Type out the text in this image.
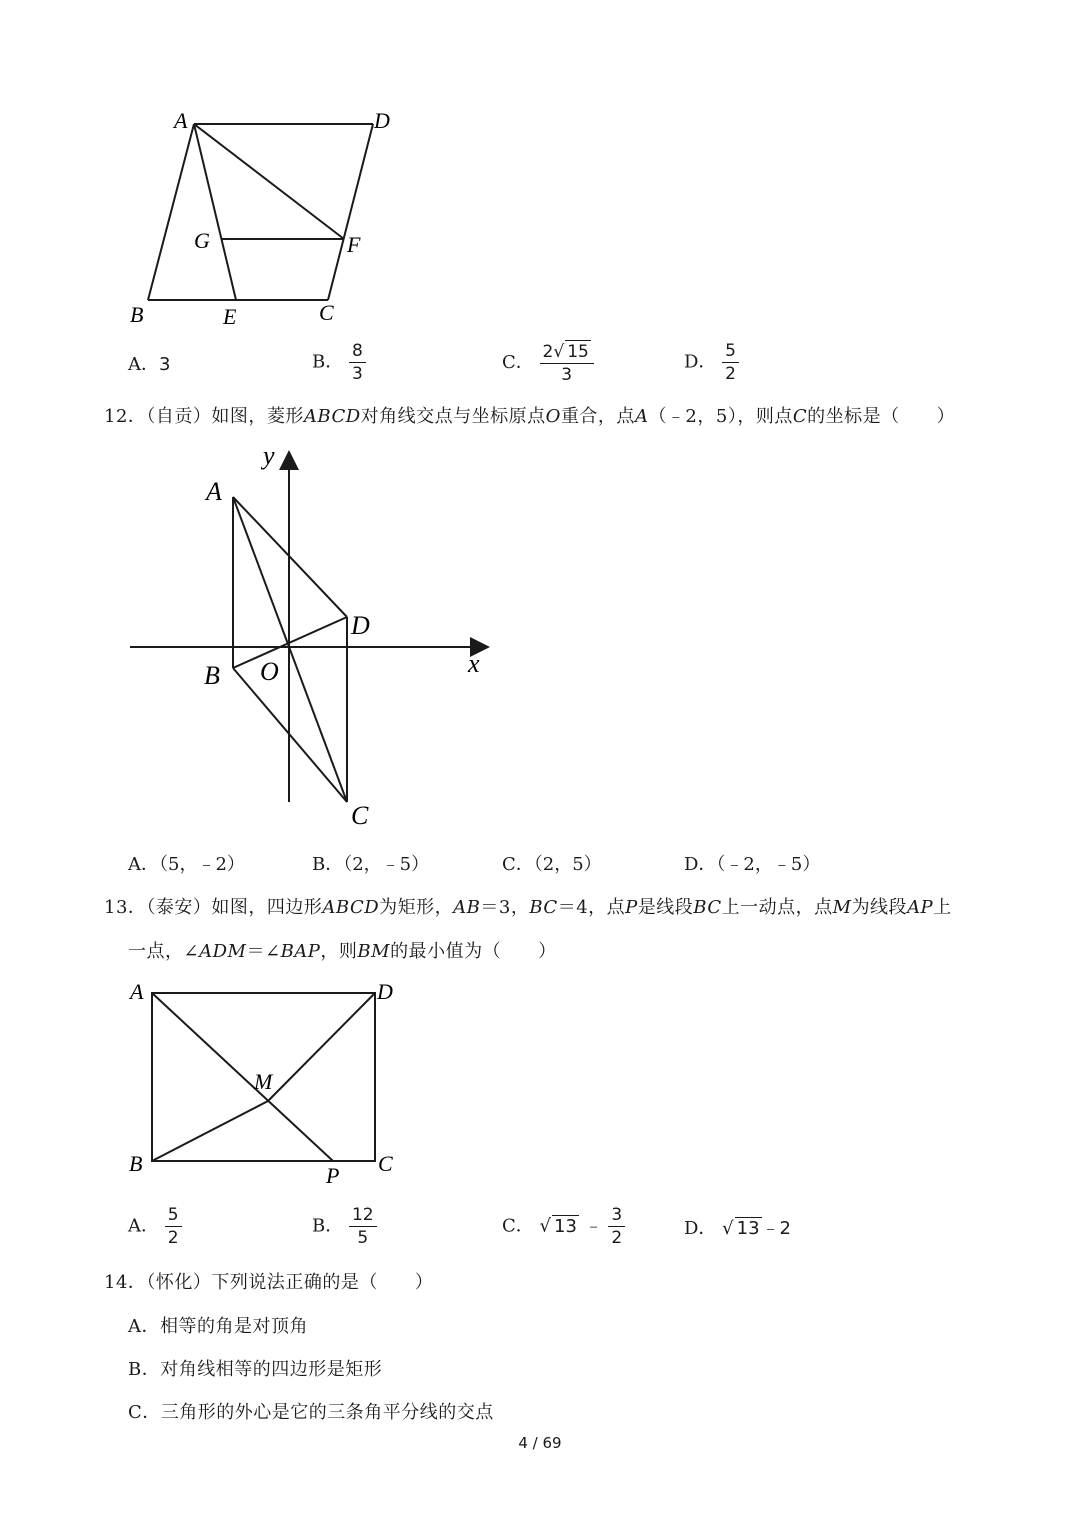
A	D
G	F
B	E	C
A．3	B． $\frac{8}{3}$	C． $\frac{2√ 15}{3}$	D． $\frac{5}{2}$
12．（自贡）如图，菱形ABCD对角线交点与坐标原点O重合，点A（﹣2，5），则点C的坐标是（　　）
y
x
A
D
B O
C
A．（5，﹣2）	B．（2，﹣5）	C．（2，5）	D．（﹣2，﹣5）
13．（泰安）如图，四边形ABCD为矩形，AB＝3，BC＝4，点P是线段BC上一动点，点M为线段AP上
一点，∠ADM＝∠BAP，则BM的最小值为（　　）
A	D
M
B	P C
A． $\frac{5}{2}$	B． $\frac{12}{5}$	C． √ 13 ﹣ $\frac{3}{2}$	D． √ 13 ﹣2
14．（怀化）下列说法正确的是（　　）
A．相等的角是对顶角
B．对角线相等的四边形是矩形
C．三角形的外心是它的三条角平分线的交点
4 / 69
